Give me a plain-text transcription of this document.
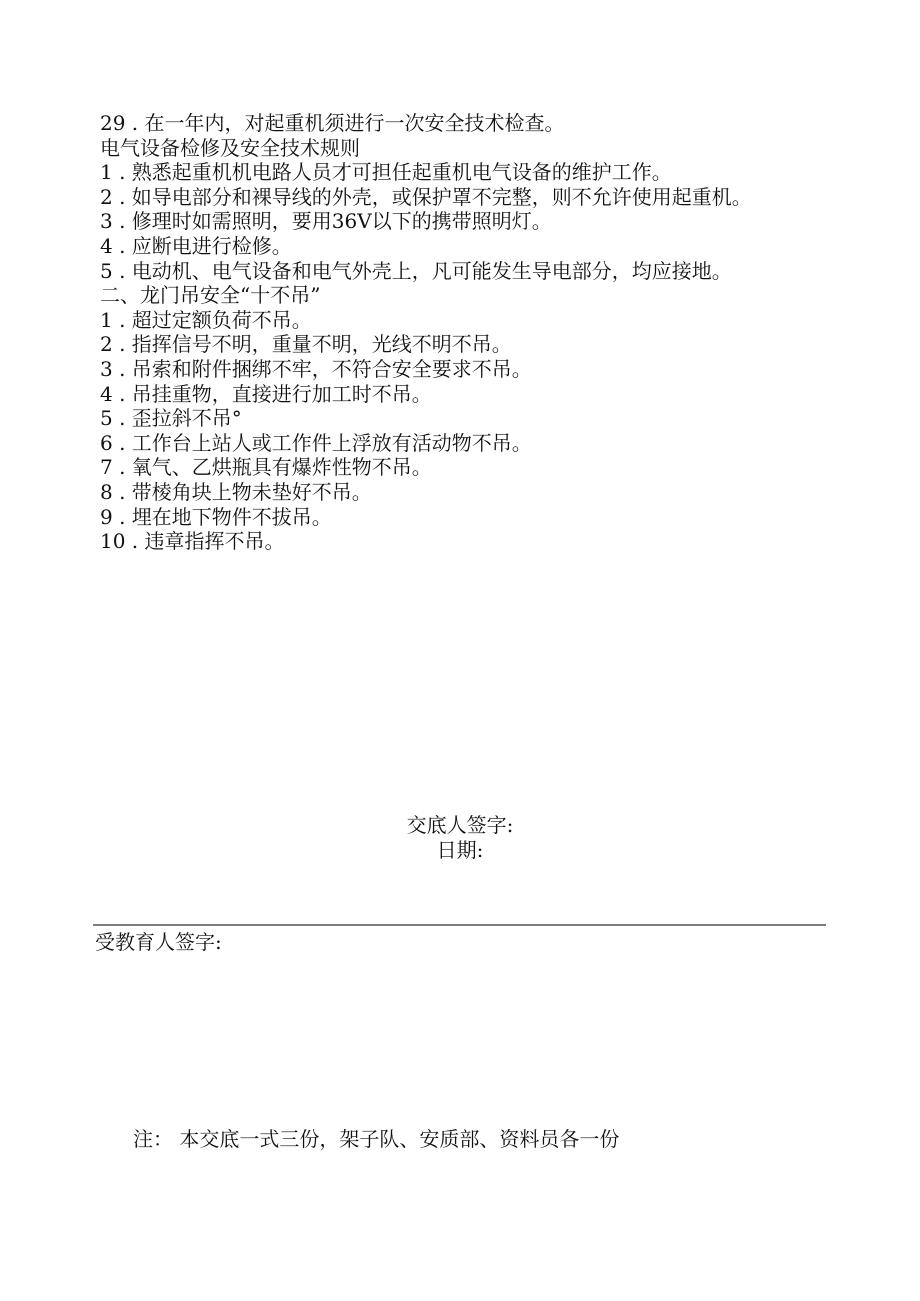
29 . 在一年内，对起重机须进行一次安全技术检查。
电气设备检修及安全技术规则
1 . 熟悉起重机机电路人员才可担任起重机电气设备的维护工作。
2 . 如导电部分和裸导线的外壳，或保护罩不完整，则不允许使用起重机。
3 . 修理时如需照明，要用36V以下的携带照明灯。
4 . 应断电进行检修。
5 . 电动机、电气设备和电气外壳上，凡可能发生导电部分，均应接地。
二、龙门吊安全“十不吊”
1 . 超过定额负荷不吊。
2 . 指挥信号不明，重量不明，光线不明不吊。
3 . 吊索和附件捆绑不牢，不符合安全要求不吊。
4 . 吊挂重物，直接进行加工时不吊。
5 . 歪拉斜不吊°
6 . 工作台上站人或工作件上浮放有活动物不吊。
7 . 氧气、乙烘瓶具有爆炸性物不吊。
8 . 带棱角块上物未垫好不吊。
9 . 埋在地下物件不拔吊。
10 . 违章指挥不吊。
交底人签字:
日期:
受教育人签字:
注： 本交底一式三份，架子队、安质部、资料员各一份
